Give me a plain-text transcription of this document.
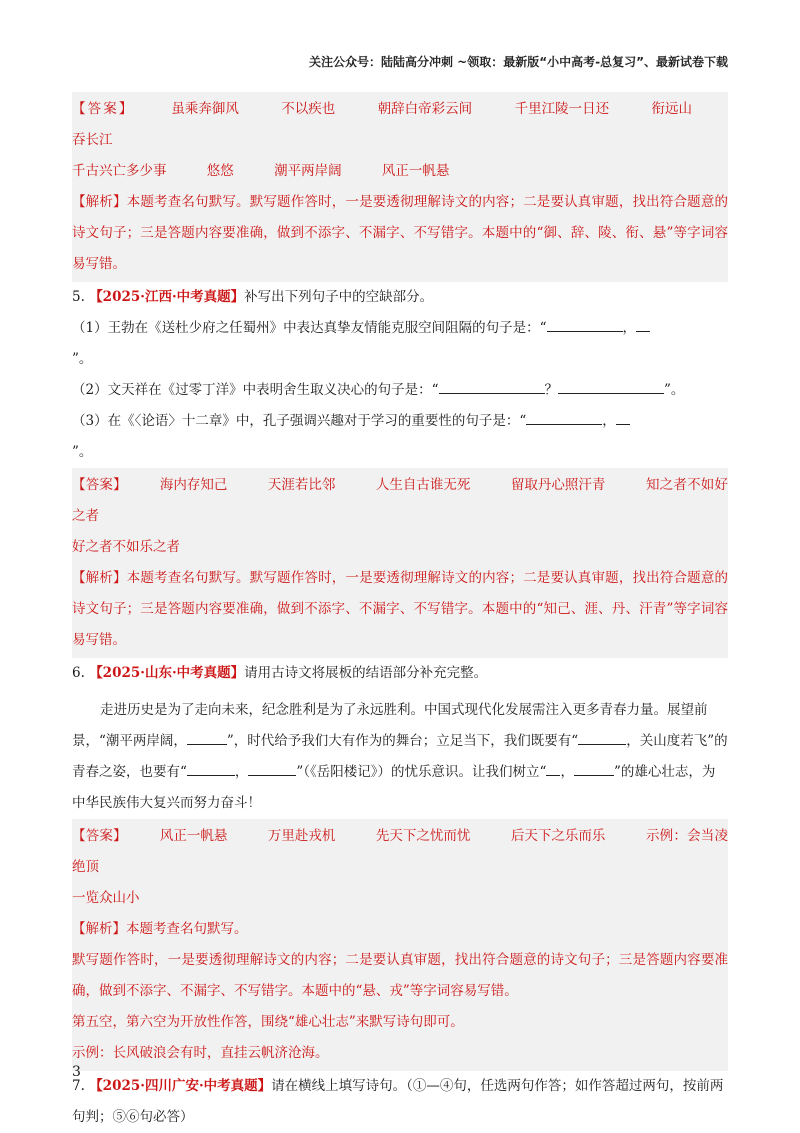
关注公众号：陆陆高分冲刺 ~领取：最新版“小中高考-总复习”、最新试卷下载
【答案】	虽乘奔御风	不以疾也	朝辞白帝彩云间	千里江陵一日还	衔远山 吞长江
千古兴亡多少事	悠悠	潮平两岸阔	风正一帆悬
【解析】本题考查名句默写。默写题作答时，一是要透彻理解诗文的内容；二是要认真审题，找出符合题意的诗文句子；三是答题内容要准确，做到不添字、不漏字、不写错字。本题中的“御、辞、陵、衔、悬”等字词容易写错。
5. 【2025·江西·中考真题】补写出下列句子中的空缺部分。
（1）王勃在《送杜少府之任蜀州》中表达真挚友情能克服空间阻隔的句子是：“	，
”。
（2）文天祥在《过零丁洋》中表明舍生取义决心的句子是：“	？	”。
（3）在《〈论语〉十二章》中，孔子强调兴趣对于学习的重要性的句子是：“	，
”。
【答案】 海内存知己	天涯若比邻	人生自古谁无死	留取丹心照汗青	知之者不如好之者
好之者不如乐之者
【解析】本题考查名句默写。默写题作答时，一是要透彻理解诗文的内容；二是要认真审题，找出符合题意的诗文句子；三是答题内容要准确，做到不添字、不漏字、不写错字。本题中的“知己、涯、丹、汗青”等字词容易写错。
6. 【2025·山东·中考真题】请用古诗文将展板的结语部分补充完整。
走进历史是为了走向未来，纪念胜利是为了永远胜利。中国式现代化发展需注入更多青春力量。展望前景，“潮平两岸阔，	”，时代给予我们大有作为的舞台；立足当下，我们既要有“	，关山度若飞”的青春之姿，也要有“	，	”（《岳阳楼记》）的忧乐意识。让我们树立“ ，	”的雄心壮志，为中华民族伟大复兴而努力奋斗！
【答案】 风正一帆悬	万里赴戎机	先天下之忧而忧	后天下之乐而乐	示例：会当凌绝顶
一览众山小
【解析】本题考查名句默写。
默写题作答时，一是要透彻理解诗文的内容；二是要认真审题，找出符合题意的诗文句子；三是答题内容要准确，做到不添字、不漏字、不写错字。本题中的“悬、戎”等字词容易写错。
第五空，第六空为开放性作答，围绕“雄心壮志”来默写诗句即可。
示例：长风破浪会有时，直挂云帆济沧海。
7. 【2025·四川广安·中考真题】请在横线上填写诗句。（①—④句，任选两句作答；如作答超过两句，按前两句判；⑤⑥句必答）
3
